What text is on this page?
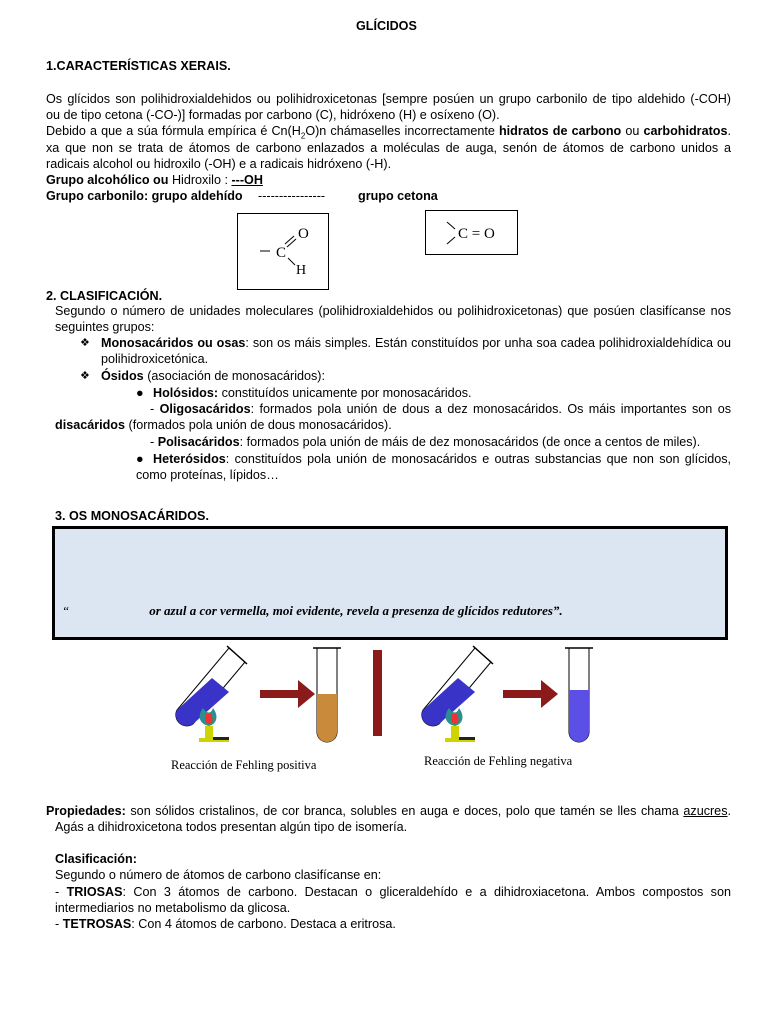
GLÍCIDOS
1.CARACTERÍSTICAS XERAIS.
Os glícidos son polihidroxialdehidos ou polihidroxicetonas [sempre posúen un grupo carbonilo de tipo aldehido (-COH)
ou de tipo cetona (-CO-)] formadas por carbono (C), hidróxeno (H) e osíxeno (O).
Debido a que a súa fórmula empírica é $Cn(H_2O)n$ chámaselles incorrectamente hidratos de carbono ou carbohidratos.
xa que non se trata de átomos de carbono enlazados a moléculas de auga, senón de átomos de carbono unidos a
radicais alcohol ou hidroxilo (-OH) e a radicais hidróxeno (-H).
Grupo alcohólico ou Hidroxilo : ---OH
Grupo carbonilo: grupo aldehído ----------------	grupo cetona
C
O
H
C = O
2. CLASIFICACIÓN.
Segundo o número de unidades moleculares (polihidroxialdehidos ou polihidroxicetonas) que posúen clasifícanse nos
seguintes grupos:
❖ Monosacáridos ou osas: son os máis simples. Están constituídos por unha soa cadea polihidroxialdehídica ou
polihidroxicetónica.
❖ Ósidos (asociación de monosacáridos):
● Holósidos: constituídos unicamente por monosacáridos.
- Oligosacáridos: formados pola unión de dous a dez monosacáridos. Os máis importantes son os
disacáridos (formados pola unión de dous monosacáridos).
- Polisacáridos: formados pola unión de máis de dez monosacáridos (de once a centos de miles).
● Heterósidos: constituídos pola unión de monosacáridos e outras substancias que non son glícidos,
como proteínas, lípidos…
3. OS MONOSACÁRIDOS.
“	or azul a cor vermella, moi evidente, revela a presenza de glícidos redutores”.
Reacción de Fehling positiva	Reacción de Fehling negativa
Propiedades: son sólidos cristalinos, de cor branca, solubles en auga e doces, polo que tamén se lles chama azucres.
Agás a dihidroxicetona todos presentan algún tipo de isomería.
Clasificación:
Segundo o número de átomos de carbono clasifícanse en:
- TRIOSAS: Con 3 átomos de carbono. Destacan o gliceraldehído e a dihidroxiacetona. Ambos compostos son
intermediarios no metabolismo da glicosa.
- TETROSAS: Con 4 átomos de carbono. Destaca a eritrosa.
